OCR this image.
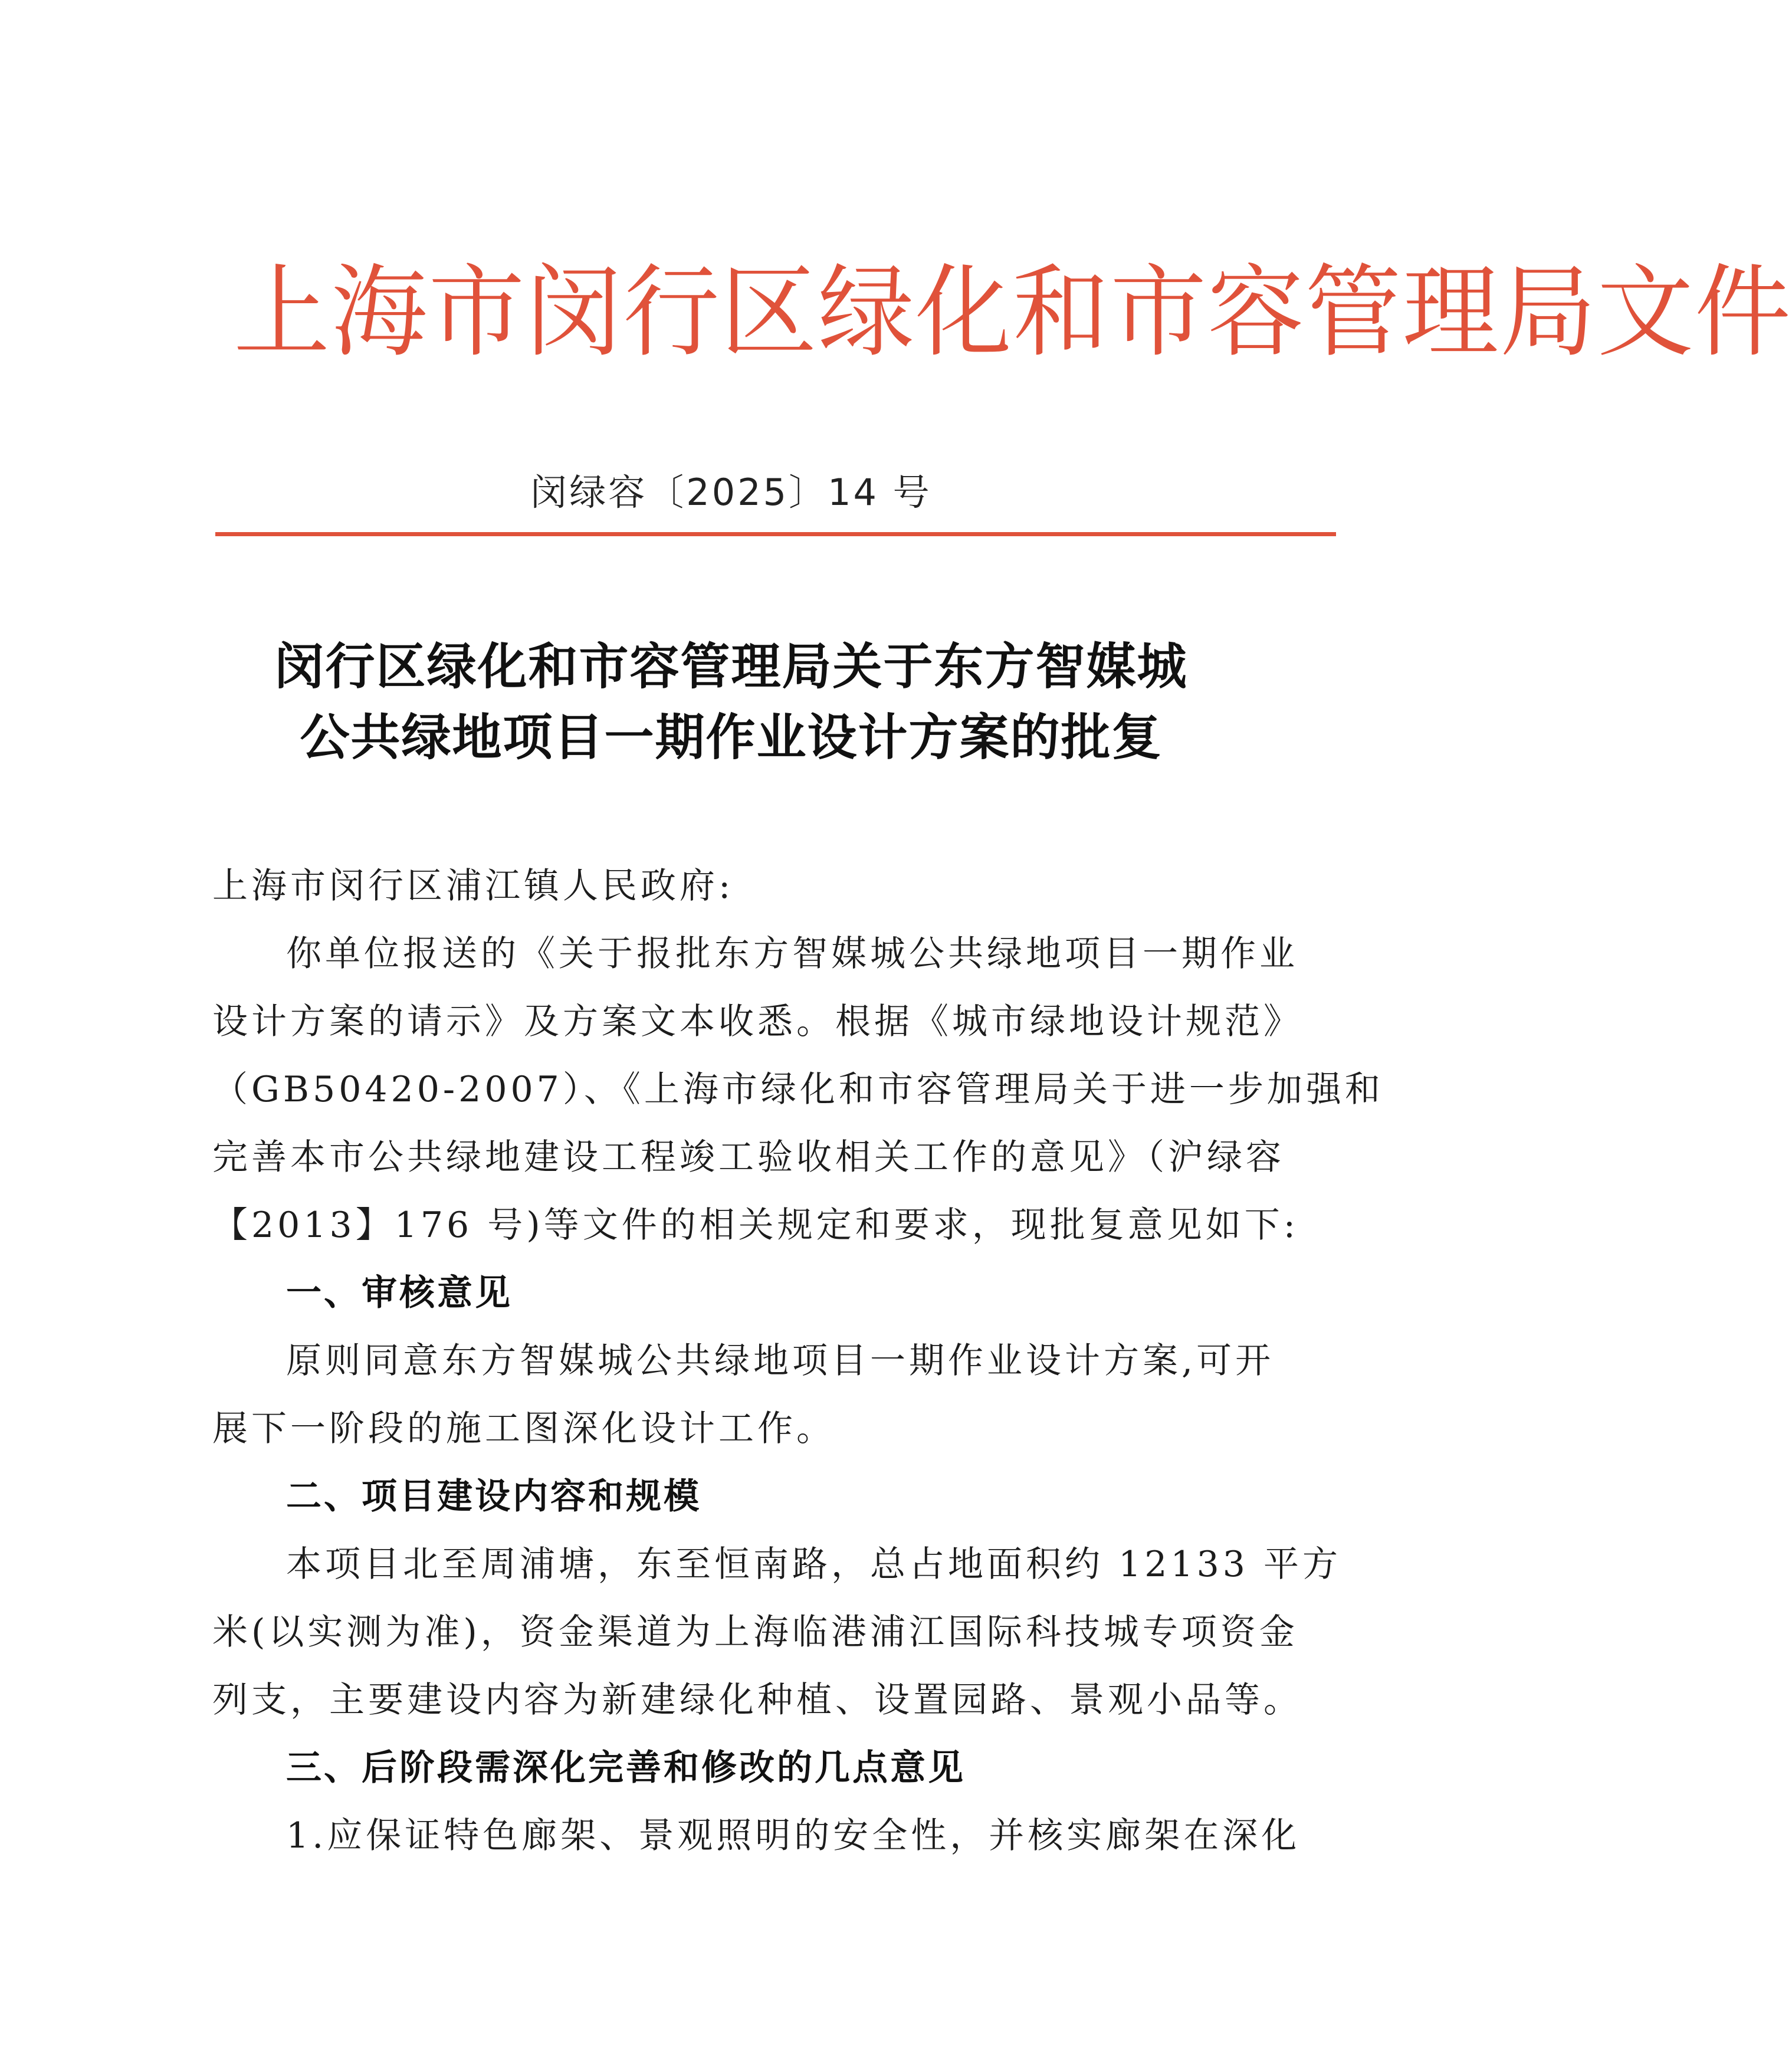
上海市闵行区绿化和市容管理局文件
闵绿容〔2025〕14 号
闵行区绿化和市容管理局关于东方智媒城
公共绿地项目一期作业设计方案的批复
上海市闵行区浦江镇人民政府:
你单位报送的《关于报批东方智媒城公共绿地项目一期作业
设计方案的请示》及方案文本收悉。根据《城市绿地设计规范》
（GB50420-2007）、《上海市绿化和市容管理局关于进一步加强和
完善本市公共绿地建设工程竣工验收相关工作的意见》（沪绿容
【2013】176 号)等文件的相关规定和要求，现批复意见如下:
一、审核意见
原则同意东方智媒城公共绿地项目一期作业设计方案,可开
展下一阶段的施工图深化设计工作。
二、项目建设内容和规模
本项目北至周浦塘，东至恒南路，总占地面积约 12133 平方
米(以实测为准)，资金渠道为上海临港浦江国际科技城专项资金
列支，主要建设内容为新建绿化种植、设置园路、景观小品等。
三、后阶段需深化完善和修改的几点意见
1.应保证特色廊架、景观照明的安全性，并核实廊架在深化
